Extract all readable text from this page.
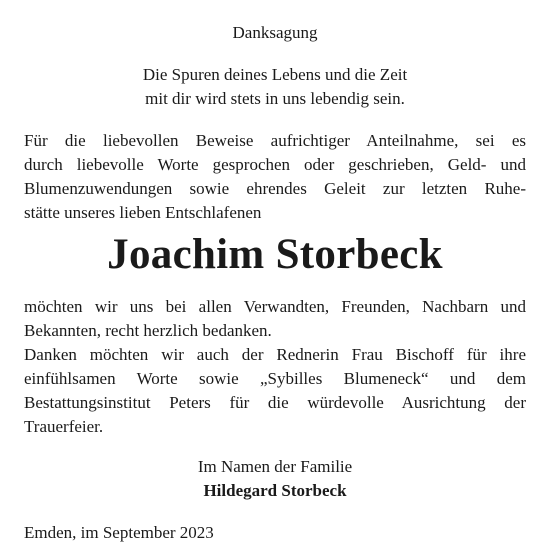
Danksagung
Die Spuren deines Lebens und die Zeit
mit dir wird stets in uns lebendig sein.
Für die liebevollen Beweise aufrichtiger Anteilnahme, sei es
durch liebevolle Worte gesprochen oder geschrieben, Geld- und
Blumenzuwendungen sowie ehrendes Geleit zur letzten Ruhe-
stätte unseres lieben Entschlafenen
Joachim Storbeck
möchten wir uns bei allen Verwandten, Freunden, Nachbarn und
Bekannten, recht herzlich bedanken.
Danken möchten wir auch der Rednerin Frau Bischoff für ihre
einfühlsamen Worte sowie „Sybilles Blumeneck“ und dem
Bestattungsinstitut Peters für die würdevolle Ausrichtung der
Trauerfeier.
Im Namen der Familie
Hildegard Storbeck
Emden, im September 2023
